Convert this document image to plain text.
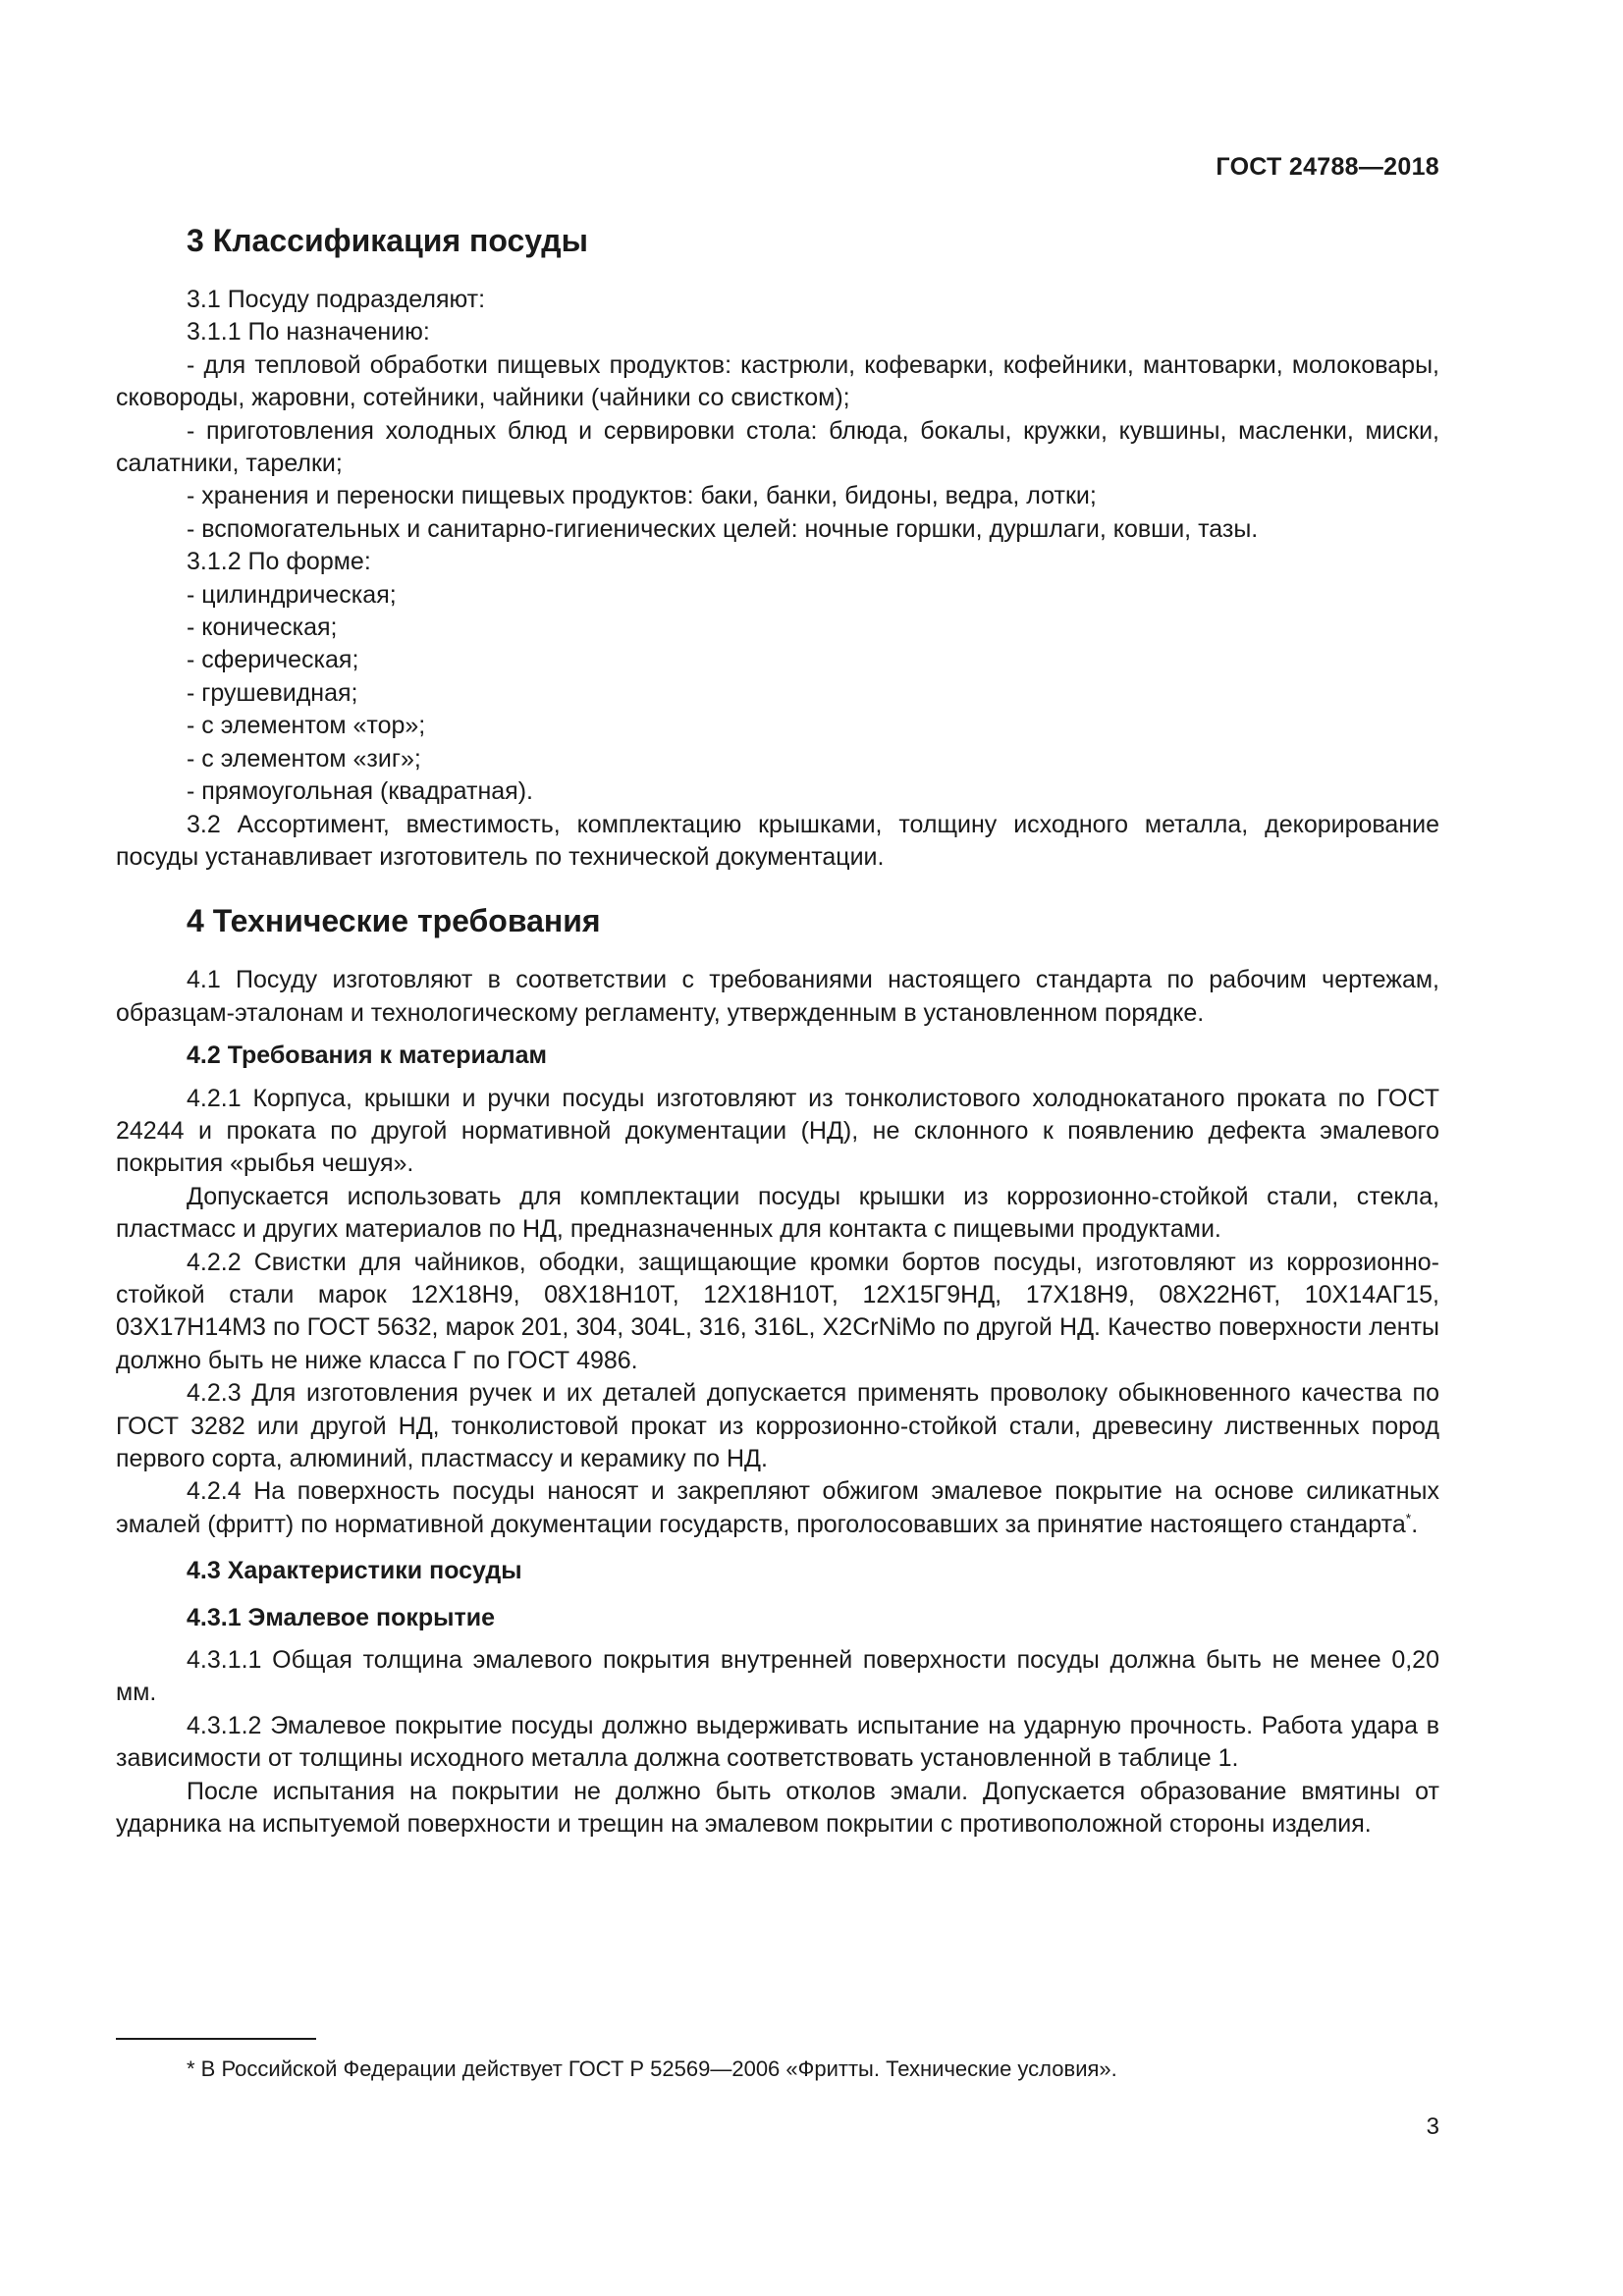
ГОСТ 24788—2018
3 Классификация посуды

3.1 Посуду подразделяют:

3.1.1 По назначению:

- для тепловой обработки пищевых продуктов: кастрюли, кофеварки, кофейники, мантоварки, молоковары, сковороды, жаровни, сотейники, чайники (чайники со свистком);

- приготовления холодных блюд и сервировки стола: блюда, бокалы, кружки, кувшины, масленки, миски, салатники, тарелки;

- хранения и переноски пищевых продуктов: баки, банки, бидоны, ведра, лотки;

- вспомогательных и санитарно-гигиенических целей: ночные горшки, дуршлаги, ковши, тазы.

3.1.2 По форме:

- цилиндрическая;

- коническая;

- сферическая;

- грушевидная;

- с элементом «тор»;

- с элементом «зиг»;

- прямоугольная (квадратная).

3.2 Ассортимент, вместимость, комплектацию крышками, толщину исходного металла, декорирование посуды устанавливает изготовитель по технической документации.

4 Технические требования

4.1 Посуду изготовляют в соответствии с требованиями настоящего стандарта по рабочим чертежам, образцам-эталонам и технологическому регламенту, утвержденным в установленном порядке.

4.2 Требования к материалам

4.2.1 Корпуса, крышки и ручки посуды изготовляют из тонколистового холоднокатаного проката по ГОСТ 24244 и проката по другой нормативной документации (НД), не склонного к появлению дефекта эмалевого покрытия «рыбья чешуя».

Допускается использовать для комплектации посуды крышки из коррозионно-стойкой стали, стекла, пластмасс и других материалов по НД, предназначенных для контакта с пищевыми продуктами.

4.2.2 Свистки для чайников, ободки, защищающие кромки бортов посуды, изготовляют из коррозионно-стойкой стали марок 12Х18Н9, 08Х18Н10Т, 12Х18Н10Т, 12Х15Г9НД, 17Х18Н9, 08Х22Н6Т, 10Х14АГ15, 03Х17Н14М3 по ГОСТ 5632, марок 201, 304, 304L, 316, 316L, X2CrNiMo по другой НД. Качество поверхности ленты должно быть не ниже класса Г по ГОСТ 4986.

4.2.3 Для изготовления ручек и их деталей допускается применять проволоку обыкновенного качества по ГОСТ 3282 или другой НД, тонколистовой прокат из коррозионно-стойкой стали, древесину лиственных пород первого сорта, алюминий, пластмассу и керамику по НД.

4.2.4 На поверхность посуды наносят и закрепляют обжигом эмалевое покрытие на основе силикатных эмалей (фритт) по нормативной документации государств, проголосовавших за принятие настоящего стандарта*.

4.3 Характеристики посуды
4.3.1 Эмалевое покрытие

4.3.1.1 Общая толщина эмалевого покрытия внутренней поверхности посуды должна быть не менее 0,20 мм.

4.3.1.2 Эмалевое покрытие посуды должно выдерживать испытание на ударную прочность. Работа удара в зависимости от толщины исходного металла должна соответствовать установленной в таблице 1.

После испытания на покрытии не должно быть отколов эмали. Допускается образование вмятины от ударника на испытуемой поверхности и трещин на эмалевом покрытии с противоположной стороны изделия.

* В Российской Федерации действует ГОСТ Р 52569—2006 «Фритты. Технические условия».
3
